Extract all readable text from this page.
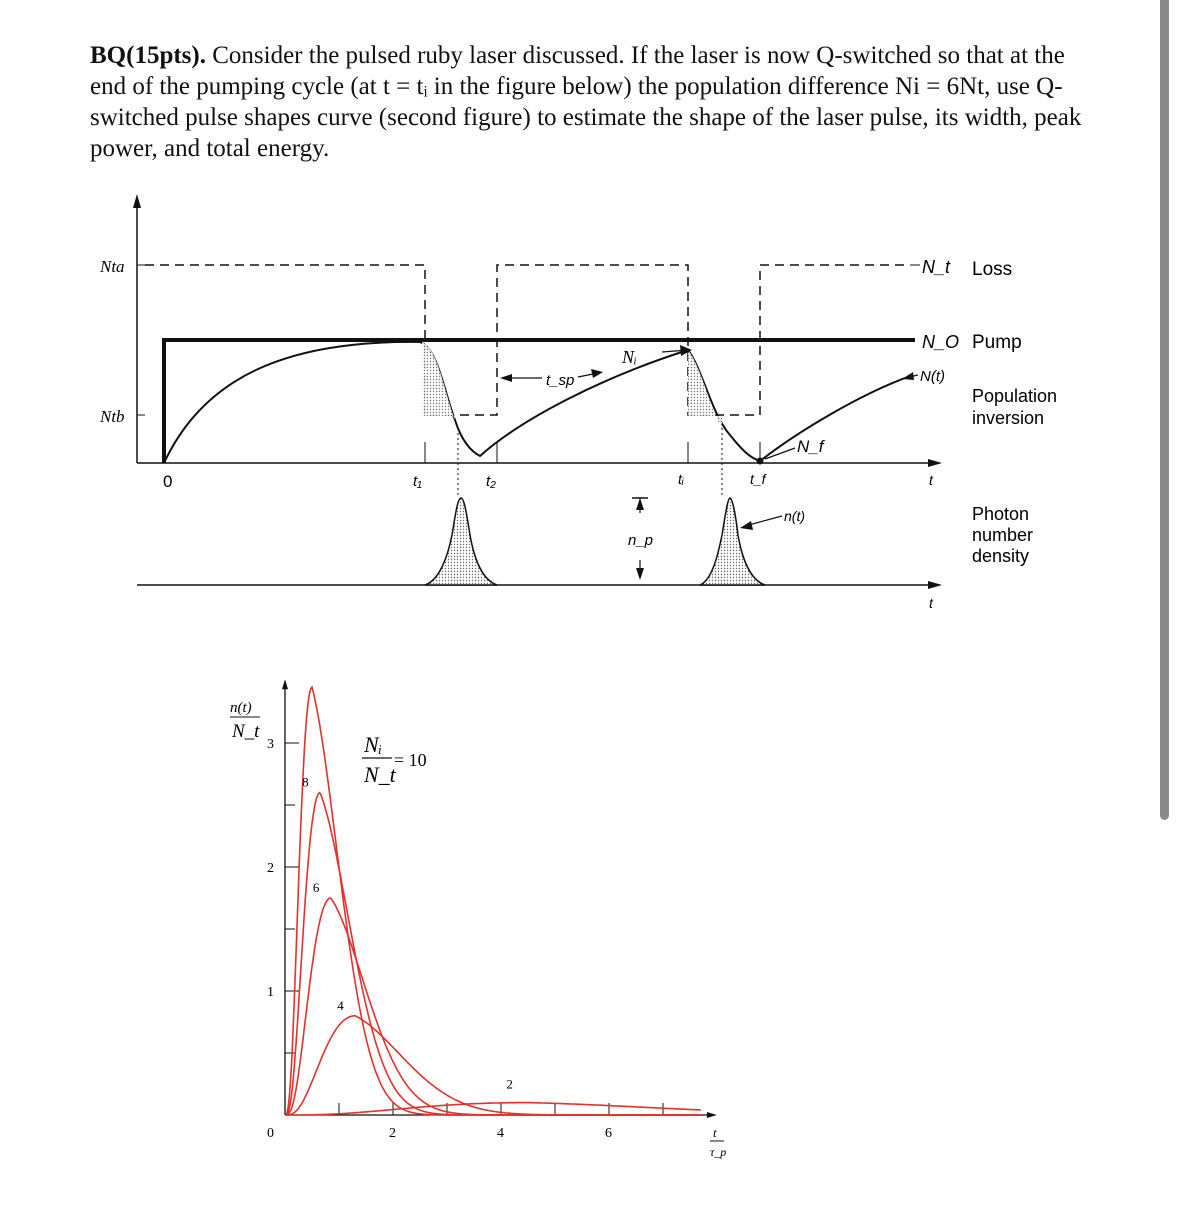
BQ(15pts). Consider the pulsed ruby laser discussed. If the laser is now Q-switched so that at the end of the pumping cycle (at t = tᵢ in the figure below) the population difference Ni = 6Nt, use Q-switched pulse shapes curve (second figure) to estimate the shape of the laser pulse, its width, peak power, and total energy.
Nta
Ntb
0
Nᵢ
N_f
t_sp
t₁	t₂	tᵢ	t_f	t
t
n(t)
n_p
N_t
N_O
N(t)
Loss
Pump
Population
inversion
Photon
number
density
1
2
3
0	2	4	6
8
6
4
2
n(t)
N_t
Nᵢ
N_t
= 10
t
τ_p
